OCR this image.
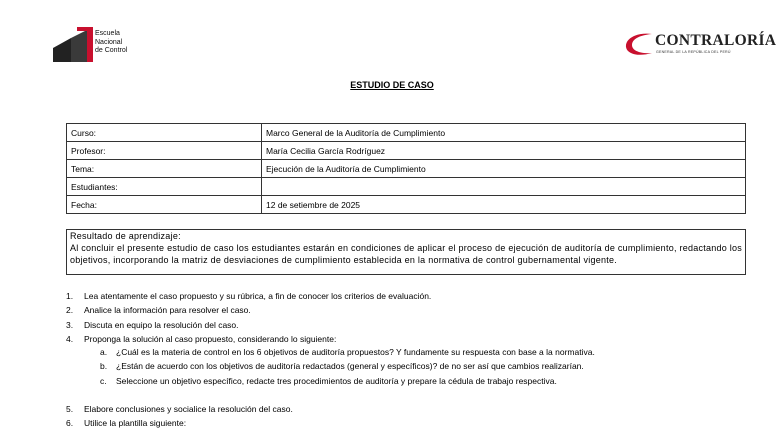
Escuela
Nacional
de Control
CONTRALORÍA
GENERAL DE LA REPÚBLICA DEL PERÚ
ESTUDIO DE CASO
Curso:	Marco General de la Auditoría de Cumplimiento
Profesor:	María Cecilia García Rodríguez
Tema:	Ejecución de la Auditoría de Cumplimiento
Estudiantes:	
Fecha:	12 de setiembre de 2025
Resultado de aprendizaje:
Al concluir el presente estudio de caso los estudiantes estarán en condiciones de aplicar el proceso de ejecución de auditoría de cumplimiento, redactando los objetivos, incorporando la matriz de desviaciones de cumplimiento establecida en la normativa de control gubernamental vigente.
1. Lea atentamente el caso propuesto y su rúbrica, a fin de conocer los criterios de evaluación.
2. Analice la información para resolver el caso.
3. Discuta en equipo la resolución del caso.
4. Proponga la solución al caso propuesto, considerando lo siguiente:
a. ¿Cuál es la materia de control en los 6 objetivos de auditoría propuestos? Y fundamente su respuesta con base a la normativa.
b. ¿Están de acuerdo con los objetivos de auditoría redactados (general y específicos)? de no ser así que cambios realizarían.
c. Seleccione un objetivo específico, redacte tres procedimientos de auditoría y prepare la cédula de trabajo respectiva.
5. Elabore conclusiones y socialice la resolución del caso.
6. Utilice la plantilla siguiente:
